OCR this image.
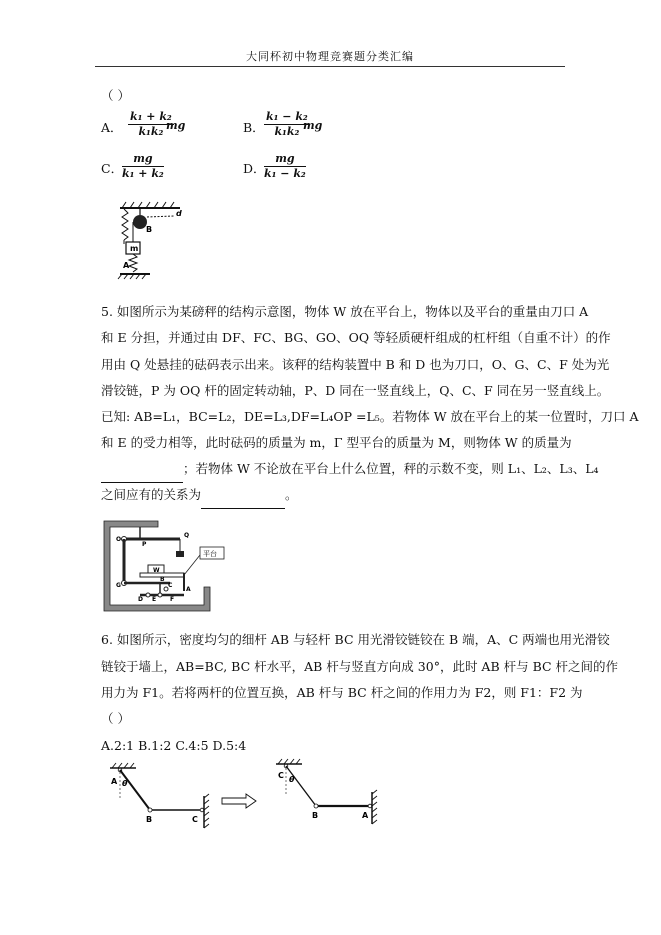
大同杯初中物理竞赛题分类汇编
（ ）
A． $\frac{\text{k₁ + k₂}}{\text{k₁k₂}}$
mg	B． $\frac{\text{k₁ − k₂}}{\text{k₁k₂}}$
mg
C．
$\frac{mg}{\text{k₁ + k₂}}$	D．
$\frac{mg}{\text{k₁ − k₂}}$
m
B
A
d
5. 如图所示为某磅秤的结构示意图，物体 W 放在平台上，物体以及平台的重量由刀口 A
和 E 分担，并通过由 DF、FC、BG、GO、OQ 等轻质硬杆组成的杠杆组（自重不计）的作
用由 Q 处悬挂的砝码表示出来。该秤的结构装置中 B 和 D 也为刀口，O、G、C、F 处为光
滑铰链，P 为 OQ 杆的固定转动轴，P、D 同在一竖直线上，Q、C、F 同在另一竖直线上。
已知: AB=L₁，BC=L₂，DE=L₃,DF=L₄OP =L₅。若物体 W 放在平台上的某一位置时，刀口 A
和 E 的受力相等，此时砝码的质量为 m，Γ 型平台的质量为 M，则物体 W 的质量为
；若物体 W 不论放在平台上什么位置，秤的示数不变，则 L₁、L₂、L₃、L₄
之间应有的关系为	。
平台
W
O
P
Q
G
B
C
D E F
A
6. 如图所示，密度均匀的细杆 AB 与轻杆 BC 用光滑铰链铰在 B 端，A、C 两端也用光滑铰
链铰于墙上，AB=BC, BC 杆水平，AB 杆与竖直方向成 30°，此时 AB 杆与 BC 杆之间的作
用力为 F1。若将两杆的位置互换，AB 杆与 BC 杆之间的作用力为 F2，则 F1：F2 为
（ ）
A.2:1 B.1:2 C.4:5 D.5:4
A θ
B	C
C θ
B	A
